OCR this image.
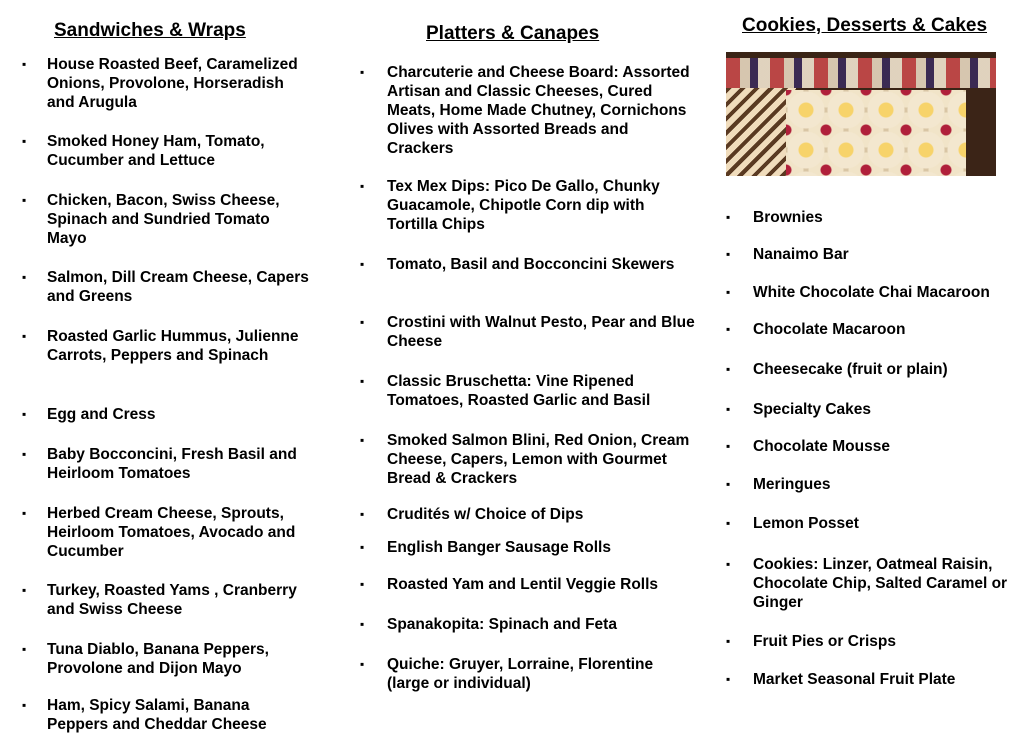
Sandwiches & Wraps
▪ House Roasted Beef, Caramelized Onions, Provolone, Horseradish and Arugula
▪ Smoked Honey Ham, Tomato, Cucumber and Lettuce
▪ Chicken, Bacon, Swiss Cheese, Spinach and Sundried Tomato Mayo
▪ Salmon, Dill Cream Cheese, Capers and Greens
▪ Roasted Garlic Hummus, Julienne Carrots, Peppers and Spinach
▪ Egg and Cress
▪ Baby Bocconcini, Fresh Basil and Heirloom Tomatoes
▪ Herbed Cream Cheese, Sprouts, Heirloom Tomatoes, Avocado and Cucumber
▪ Turkey, Roasted Yams , Cranberry and Swiss Cheese
▪ Tuna Diablo, Banana Peppers, Provolone and Dijon Mayo
▪ Ham, Spicy Salami, Banana Peppers and Cheddar Cheese
Platters & Canapes
▪ Charcuterie and Cheese Board: Assorted Artisan and Classic Cheeses, Cured Meats, Home Made Chutney, Cornichons Olives with Assorted Breads and Crackers
▪ Tex Mex Dips: Pico De Gallo, Chunky Guacamole, Chipotle Corn dip with Tortilla Chips
▪ Tomato, Basil and Bocconcini Skewers
▪ Crostini with Walnut Pesto, Pear and Blue Cheese
▪ Classic Bruschetta: Vine Ripened Tomatoes, Roasted Garlic and Basil
▪ Smoked Salmon Blini, Red Onion, Cream Cheese, Capers, Lemon with Gourmet Bread & Crackers
▪ Crudités w/ Choice of Dips
▪ English Banger Sausage Rolls
▪ Roasted Yam and Lentil Veggie Rolls
▪ Spanakopita: Spinach and Feta
▪ Quiche: Gruyer, Lorraine, Florentine (large or individual)
Cookies, Desserts & Cakes
▪ Brownies
▪ Nanaimo Bar
▪ White Chocolate Chai Macaroon
▪ Chocolate Macaroon
▪ Cheesecake (fruit or plain)
▪ Specialty Cakes
▪ Chocolate Mousse
▪ Meringues
▪ Lemon Posset
▪ Cookies: Linzer, Oatmeal Raisin, Chocolate Chip, Salted Caramel or Ginger
▪ Fruit Pies or Crisps
▪ Market Seasonal Fruit Plate
